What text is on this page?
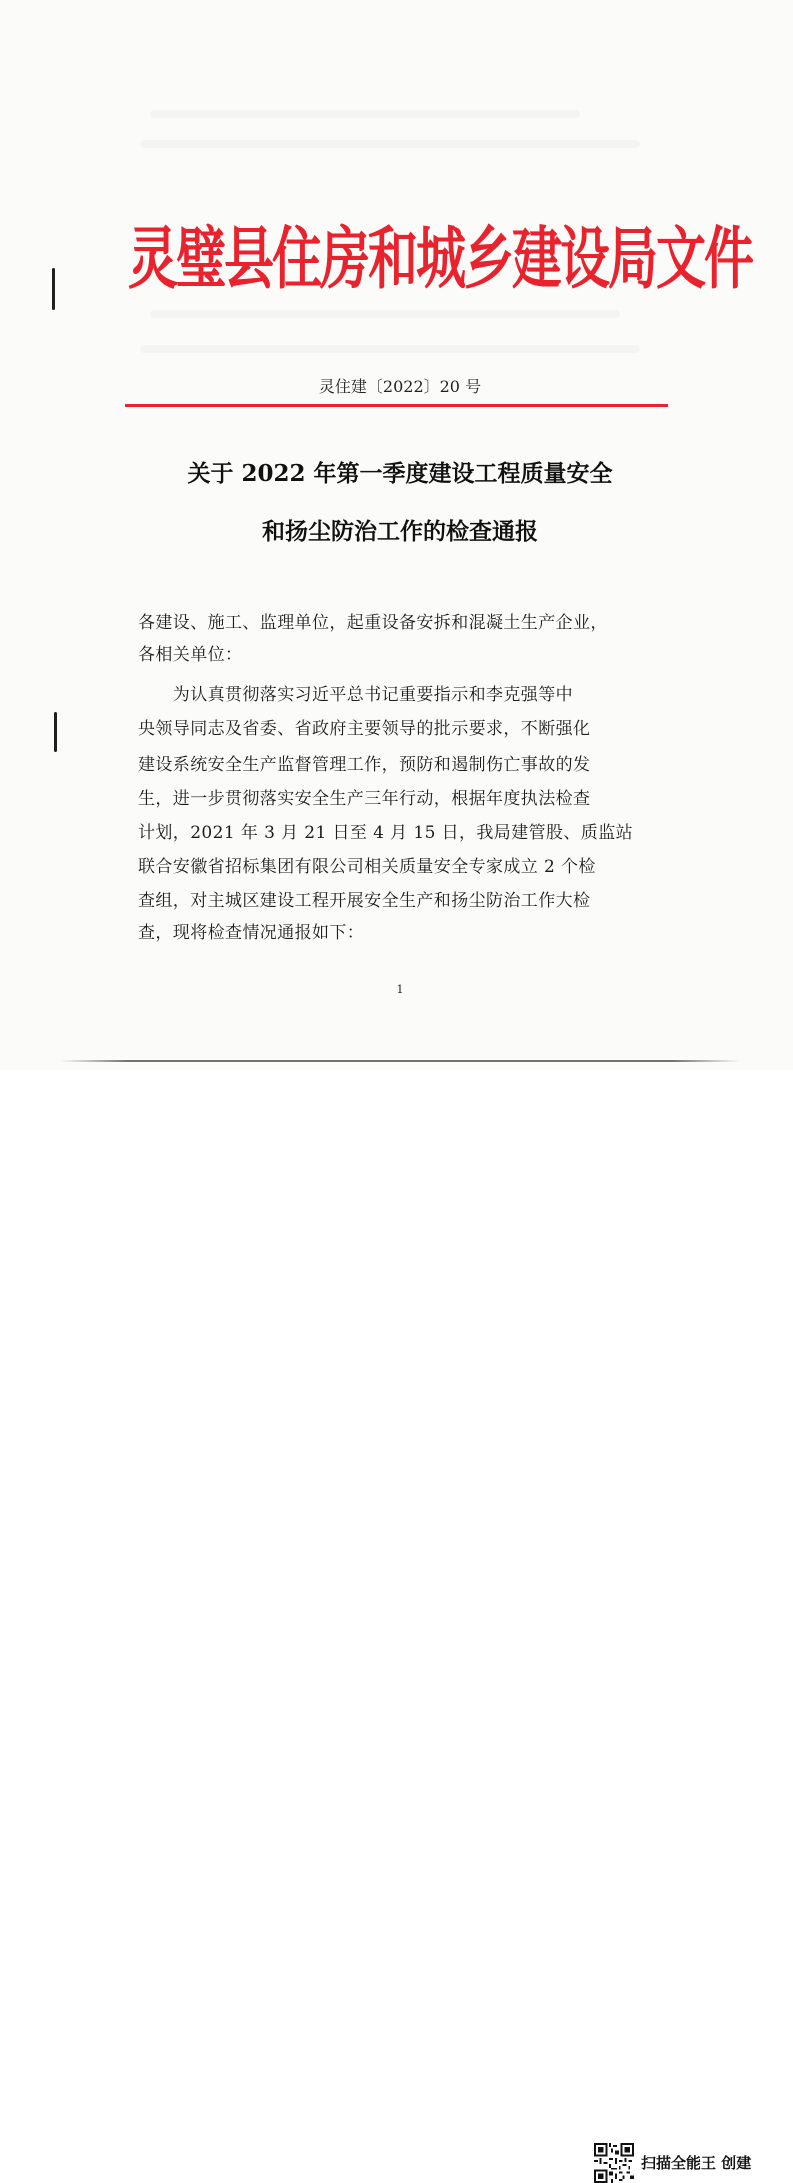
灵璧县住房和城乡建设局文件
灵住建〔2022〕20 号
关于 2022 年第一季度建设工程质量安全
和扬尘防治工作的检查通报
各建设、施工、监理单位，起重设备安拆和混凝土生产企业，
各相关单位：
　　为认真贯彻落实习近平总书记重要指示和李克强等中
央领导同志及省委、省政府主要领导的批示要求，不断强化
建设系统安全生产监督管理工作，预防和遏制伤亡事故的发
生，进一步贯彻落实安全生产三年行动，根据年度执法检查
计划，2021 年 3 月 21 日至 4 月 15 日，我局建管股、质监站
联合安徽省招标集团有限公司相关质量安全专家成立 2 个检
查组，对主城区建设工程开展安全生产和扬尘防治工作大检
查，现将检查情况通报如下：
1
扫描全能王 创建
